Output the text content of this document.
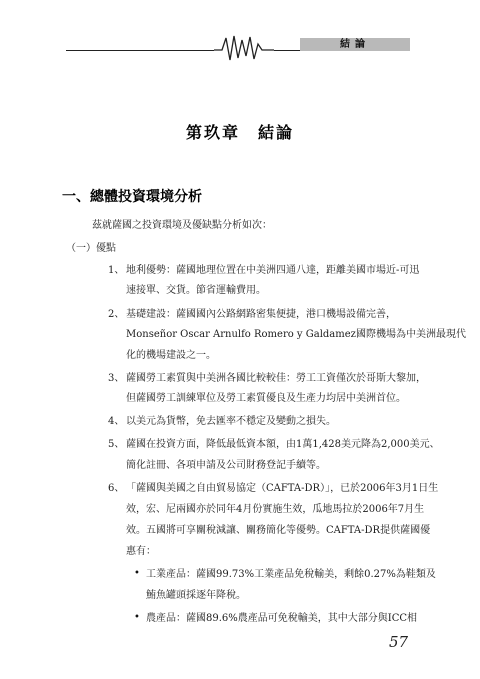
結論
第玖章　結論
一、總體投資環境分析
茲就薩國之投資環境及優缺點分析如次：
（一）優點
1、 地利優勢：薩國地理位置在中美洲四通八達，距離美國市場近-可迅
速接單、交貨。節省運輸費用。
2、 基礎建設：薩國國內公路網路密集便捷，港口機場設備完善，
Monseñor Oscar Arnulfo Romero y Galdamez國際機場為中美洲最現代
化的機場建設之一。
3、 薩國勞工素質與中美洲各國比較較佳：勞工工資僅次於哥斯大黎加，
但薩國勞工訓練單位及勞工素質優良及生產力均居中美洲首位。
4、 以美元為貨幣，免去匯率不穩定及變動之損失。
5、 薩國在投資方面，降低最低資本額，由1萬1,428美元降為2,000美元、
簡化註冊、各項申請及公司財務登記手續等。
6、 「薩國與美國之自由貿易協定（CAFTA-DR）」，已於2006年3月1日生
效，宏、尼兩國亦於同年4月份實施生效，瓜地馬拉於2006年7月生
效。五國將可享關稅減讓、關務簡化等優勢。CAFTA-DR提供薩國優
惠有：
• 工業產品：薩國99.73%工業產品免稅輸美，剩餘0.27%為鞋類及
鮪魚罐頭採逐年降稅。
• 農產品：薩國89.6%農產品可免稅輸美，其中大部分與ICC相
57
